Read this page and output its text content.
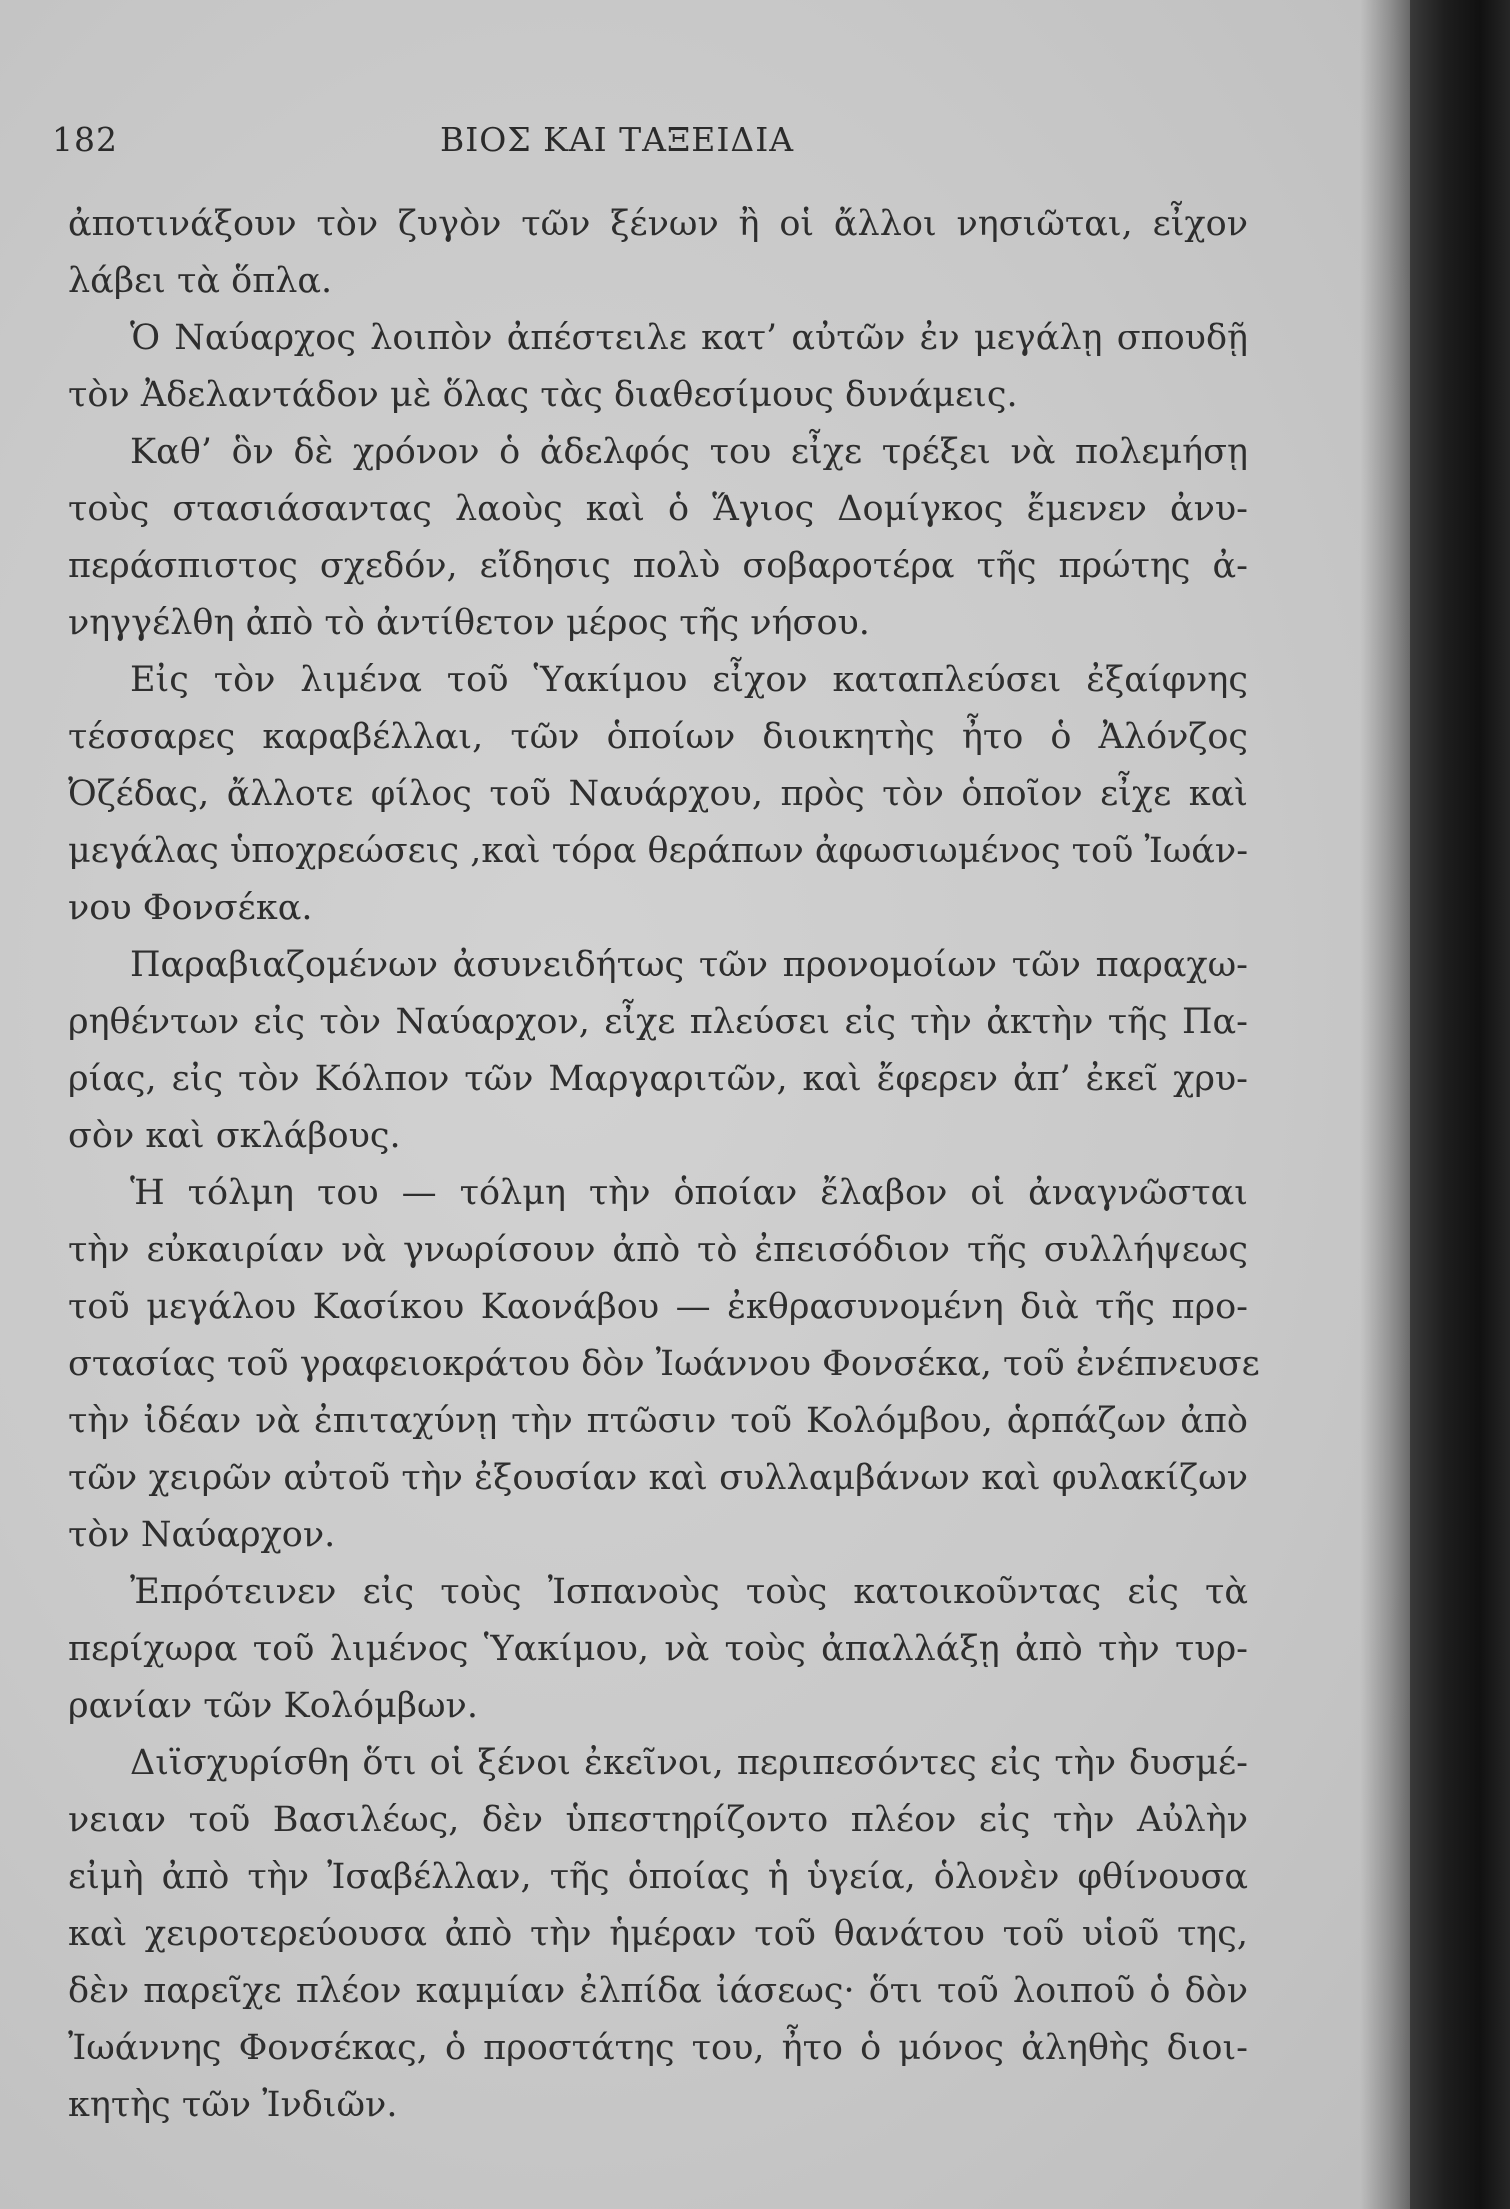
182	ΒΙΟΣ ΚΑΙ ΤΑΞΕΙΔΙΑ
ἀποτινάξουν τὸν ζυγὸν τῶν ξένων ἢ οἱ ἄλλοι νησιῶται, εἶχον
λάβει τὰ ὅπλα.
Ὁ Ναύαρχος λοιπὸν ἀπέστειλε κατ’ αὐτῶν ἐν μεγάλῃ σπουδῇ
τὸν Ἀδελαντάδον μὲ ὅλας τὰς διαθεσίμους δυνάμεις.
Καθ’ ὃν δὲ χρόνον ὁ ἀδελφός του εἶχε τρέξει νὰ πολεμήσῃ
τοὺς στασιάσαντας λαοὺς καὶ ὁ Ἅγιος Δομίγκος ἔμενεν ἀνυ-
περάσπιστος σχεδόν, εἴδησις πολὺ σοβαροτέρα τῆς πρώτης ἀ-
νηγγέλθη ἀπὸ τὸ ἀντίθετον μέρος τῆς νήσου.
Εἰς τὸν λιμένα τοῦ Ὑακίμου εἶχον καταπλεύσει ἐξαίφνης
τέσσαρες καραβέλλαι, τῶν ὁποίων διοικητὴς ἦτο ὁ Ἀλόνζος
Ὀζέδας, ἄλλοτε φίλος τοῦ Ναυάρχου, πρὸς τὸν ὁποῖον εἶχε καὶ
μεγάλας ὑποχρεώσεις ,καὶ τόρα θεράπων ἀφωσιωμένος τοῦ Ἰωάν-
νου Φονσέκα.
Παραβιαζομένων ἀσυνειδήτως τῶν προνομοίων τῶν παραχω-
ρηθέντων εἰς τὸν Ναύαρχον, εἶχε πλεύσει εἰς τὴν ἀκτὴν τῆς Πα-
ρίας, εἰς τὸν Κόλπον τῶν Μαργαριτῶν, καὶ ἔφερεν ἀπ’ ἐκεῖ χρυ-
σὸν καὶ σκλάβους.
Ἡ τόλμη του — τόλμη τὴν ὁποίαν ἔλαβον οἱ ἀναγνῶσται
τὴν εὐκαιρίαν νὰ γνωρίσουν ἀπὸ τὸ ἐπεισόδιον τῆς συλλήψεως
τοῦ μεγάλου Κασίκου Καονάβου — ἐκθρασυνομένη διὰ τῆς προ-
στασίας τοῦ γραφειοκράτου δὸν Ἰωάννου Φονσέκα, τοῦ ἐνέπνευσε
τὴν ἰδέαν νὰ ἐπιταχύνῃ τὴν πτῶσιν τοῦ Κολόμβου, ἁρπάζων ἀπὸ
τῶν χειρῶν αὐτοῦ τὴν ἐξουσίαν καὶ συλλαμβάνων καὶ φυλακίζων
τὸν Ναύαρχον.
Ἐπρότεινεν εἰς τοὺς Ἰσπανοὺς τοὺς κατοικοῦντας εἰς τὰ
περίχωρα τοῦ λιμένος Ὑακίμου, νὰ τοὺς ἀπαλλάξῃ ἀπὸ τὴν τυρ-
ρανίαν τῶν Κολόμβων.
Διϊσχυρίσθη ὅτι οἱ ξένοι ἐκεῖνοι, περιπεσόντες εἰς τὴν δυσμέ-
νειαν τοῦ Βασιλέως, δὲν ὑπεστηρίζοντο πλέον εἰς τὴν Αὐλὴν
εἰμὴ ἀπὸ τὴν Ἰσαβέλλαν, τῆς ὁποίας ἡ ὑγεία, ὁλονὲν φθίνουσα
καὶ χειροτερεύουσα ἀπὸ τὴν ἡμέραν τοῦ θανάτου τοῦ υἱοῦ της,
δὲν παρεῖχε πλέον καμμίαν ἐλπίδα ἰάσεως· ὅτι τοῦ λοιποῦ ὁ δὸν
Ἰωάννης Φονσέκας, ὁ προστάτης του, ἦτο ὁ μόνος ἀληθὴς διοι-
κητὴς τῶν Ἰνδιῶν.
